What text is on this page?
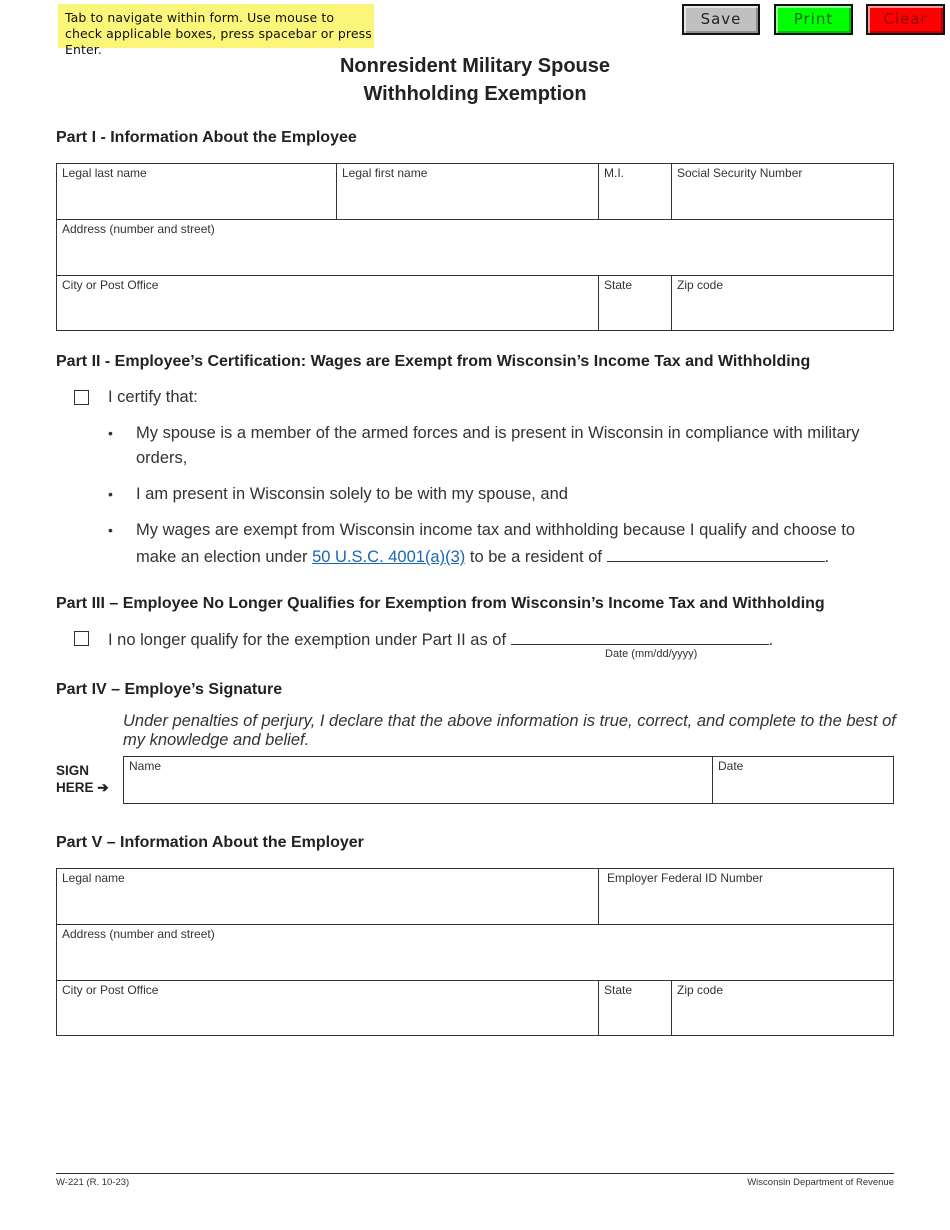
Tab to navigate within form. Use mouse to check applicable boxes, press spacebar or press Enter.
Save	Print	Clear
Nonresident Military Spouse
Withholding Exemption
Part I - Information About the Employee
Legal last name	Legal first name	M.I.	Social Security Number
Address (number and street)
City or Post Office	State	Zip code
Part II - Employee’s Certification: Wages are Exempt from Wisconsin’s Income Tax and Withholding
I certify that:
• My spouse is a member of the armed forces and is present in Wisconsin in compliance with military orders,
• I am present in Wisconsin solely to be with my spouse, and
• My wages are exempt from Wisconsin income tax and withholding because I qualify and choose to make an election under 50 U.S.C. 4001(a)(3) to be a resident of	.
Part III – Employee No Longer Qualifies for Exemption from Wisconsin’s Income Tax and Withholding
I no longer qualify for the exemption under Part II as of	.
Date (mm/dd/yyyy)
Part IV – Employe’s Signature
Under penalties of perjury, I declare that the above information is true, correct, and complete to the best of my knowledge and belief.
SIGN
HERE ➔
Name	Date
Part V – Information About the Employer
Legal name	Employer Federal ID Number
Address (number and street)
City or Post Office	State	Zip code
W-221 (R. 10-23)	Wisconsin Department of Revenue
